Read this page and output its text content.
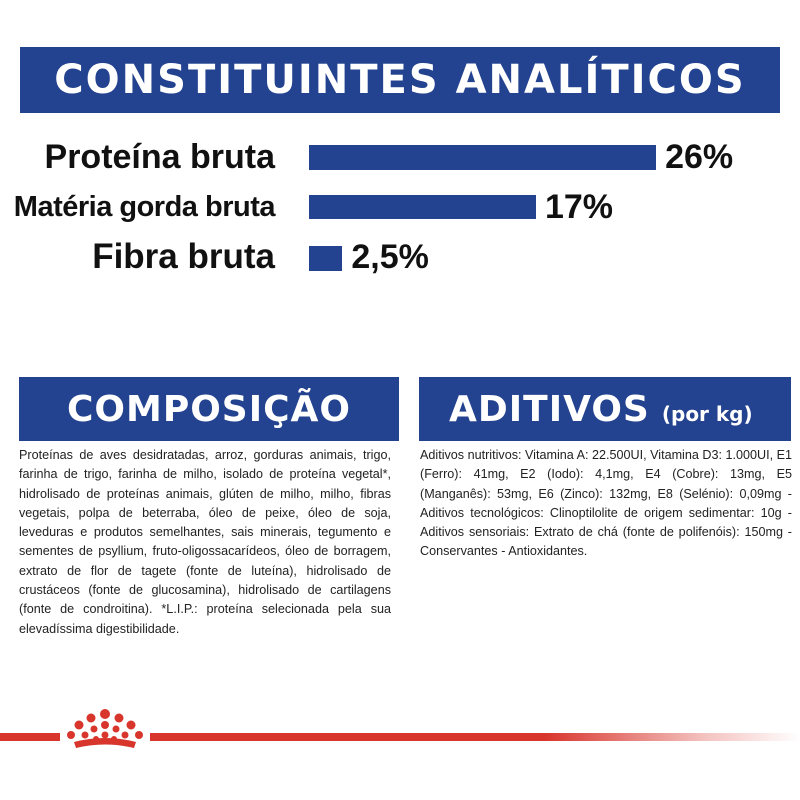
CONSTITUINTES ANALÍTICOS
Proteína bruta	26%
Matéria gorda bruta	17%
Fibra bruta 2,5%
COMPOSIÇÃO

Proteínas de aves desidratadas, arroz, gorduras animais, trigo, farinha de trigo, farinha de milho, isolado de proteína vegetal*, hidrolisado de proteínas animais, glúten de milho, milho, fibras vegetais, polpa de beterraba, óleo de peixe, óleo de soja, leveduras e produtos semelhantes, sais minerais, tegumento e sementes de psyllium, fruto-oligossacarídeos, óleo de borragem, extrato de flor de tagete (fonte de luteína), hidrolisado de crustáceos (fonte de glucosamina), hidrolisado de cartilagens (fonte de condroitina). *L.I.P.: proteína selecionada pela sua elevadíssima digestibilidade.

ADITIVOS (por kg)

Aditivos nutritivos: Vitamina A: 22.500UI, Vitamina D3: 1.000UI, E1 (Ferro): 41mg, E2 (Iodo): 4,1mg, E4 (Cobre): 13mg, E5 (Manganês): 53mg, E6 (Zinco): 132mg, E8 (Selénio): 0,09mg - Aditivos tecnológicos: Clinoptilolite de origem sedimentar: 10g - Aditivos sensoriais: Extrato de chá (fonte de polifenóis): 150mg - Conservantes - Antioxidantes.
